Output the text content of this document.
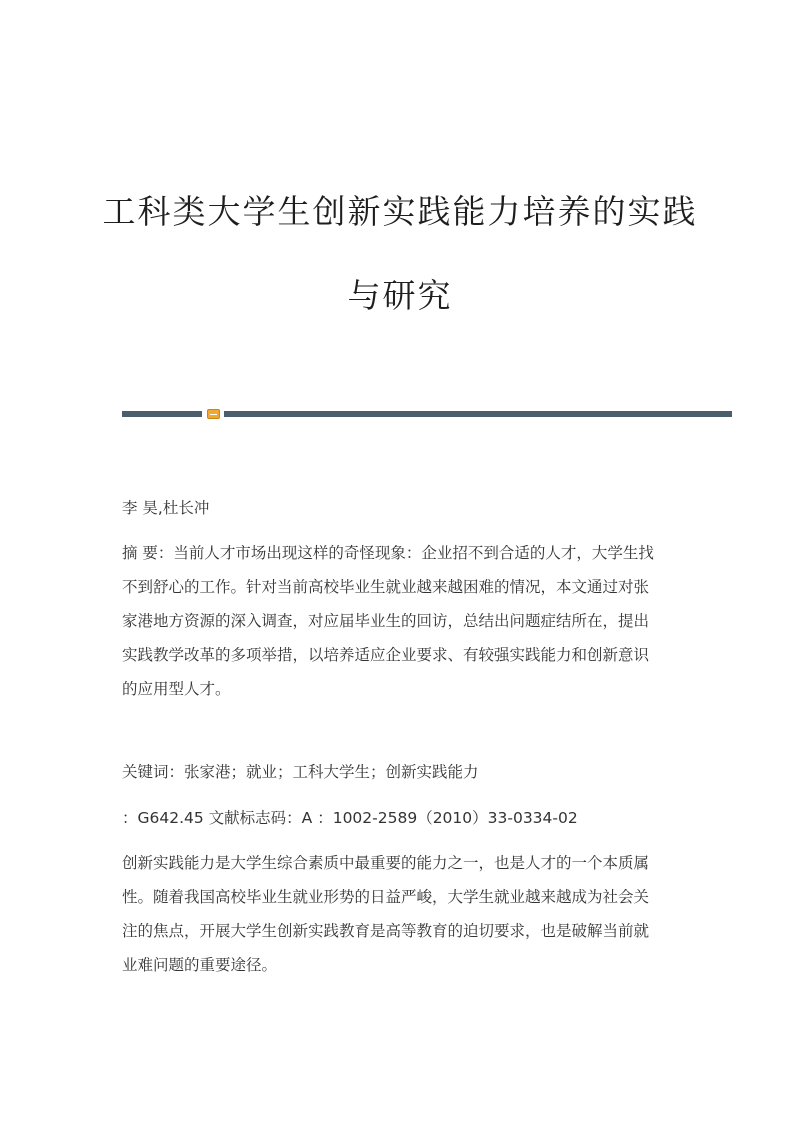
工科类大学生创新实践能力培养的实践
与研究

李 昊,杜长冲

摘 要：当前人才市场出现这样的奇怪现象：企业招不到合适的人才，大学生找
不到舒心的工作。针对当前高校毕业生就业越来越困难的情况，本文通过对张
家港地方资源的深入调查，对应届毕业生的回访，总结出问题症结所在，提出
实践教学改革的多项举措，以培养适应企业要求、有较强实践能力和创新意识
的应用型人才。

关键词：张家港；就业；工科大学生；创新实践能力

：G642.45 文献标志码：A ：1002-2589（2010）33-0334-02

创新实践能力是大学生综合素质中最重要的能力之一，也是人才的一个本质属
性。随着我国高校毕业生就业形势的日益严峻，大学生就业越来越成为社会关
注的焦点，开展大学生创新实践教育是高等教育的迫切要求，也是破解当前就
业难问题的重要途径。
